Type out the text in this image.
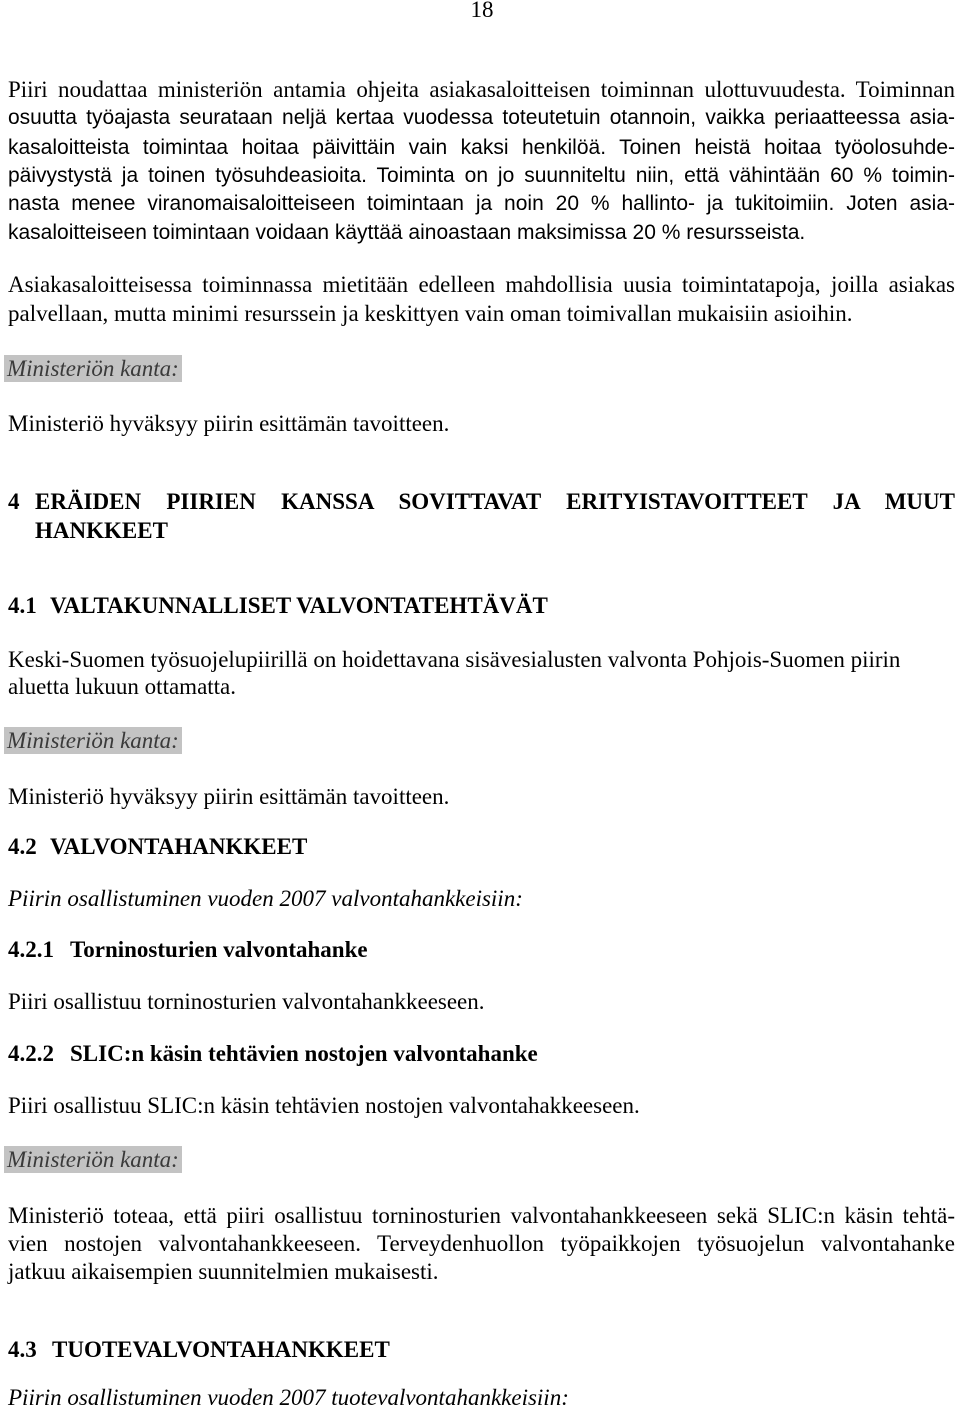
18
Piiri noudattaa ministeriön antamia ohjeita asiakasaloitteisen toiminnan ulottuvuudesta. Toiminnan
osuutta työajasta seurataan neljä kertaa vuodessa toteutetuin otannoin, vaikka periaatteessa asia-
kasaloitteista toimintaa hoitaa päivittäin vain kaksi henkilöä. Toinen heistä hoitaa työolosuhde-
päivystystä ja toinen työsuhdeasioita. Toiminta on jo suunniteltu niin, että vähintään 60 % toimin-
nasta menee viranomaisaloitteiseen toimintaan ja noin 20 % hallinto- ja tukitoimiin. Joten asia-
kasaloitteiseen toimintaan voidaan käyttää ainoastaan maksimissa 20 % resursseista.
Asiakasaloitteisessa toiminnassa mietitään edelleen mahdollisia uusia toimintatapoja, joilla asiakas
palvellaan, mutta minimi resurssein ja keskittyen vain oman toimivallan mukaisiin asioihin.
Ministeriön kanta:
Ministeriö hyväksyy piirin esittämän tavoitteen.
4 ERÄIDEN PIIRIEN KANSSA SOVITTAVAT ERITYISTAVOITTEET JA MUUT
HANKKEET
4.1 VALTAKUNNALLISET VALVONTATEHTÄVÄT
Keski-Suomen työsuojelupiirillä on hoidettavana sisävesialusten valvonta Pohjois-Suomen piirin
aluetta lukuun ottamatta.
Ministeriön kanta:
Ministeriö hyväksyy piirin esittämän tavoitteen.
4.2 VALVONTAHANKKEET
Piirin osallistuminen vuoden 2007 valvontahankkeisiin:
4.2.1 Torninosturien valvontahanke
Piiri osallistuu torninosturien valvontahankkeeseen.
4.2.2 SLIC:n käsin tehtävien nostojen valvontahanke
Piiri osallistuu SLIC:n käsin tehtävien nostojen valvontahakkeeseen.
Ministeriön kanta:
Ministeriö toteaa, että piiri osallistuu torninosturien valvontahankkeeseen sekä SLIC:n käsin tehtä-
vien nostojen valvontahankkeeseen. Terveydenhuollon työpaikkojen työsuojelun valvontahanke
jatkuu aikaisempien suunnitelmien mukaisesti.
4.3 TUOTEVALVONTAHANKKEET
Piirin osallistuminen vuoden 2007 tuotevalvontahankkeisiin:
